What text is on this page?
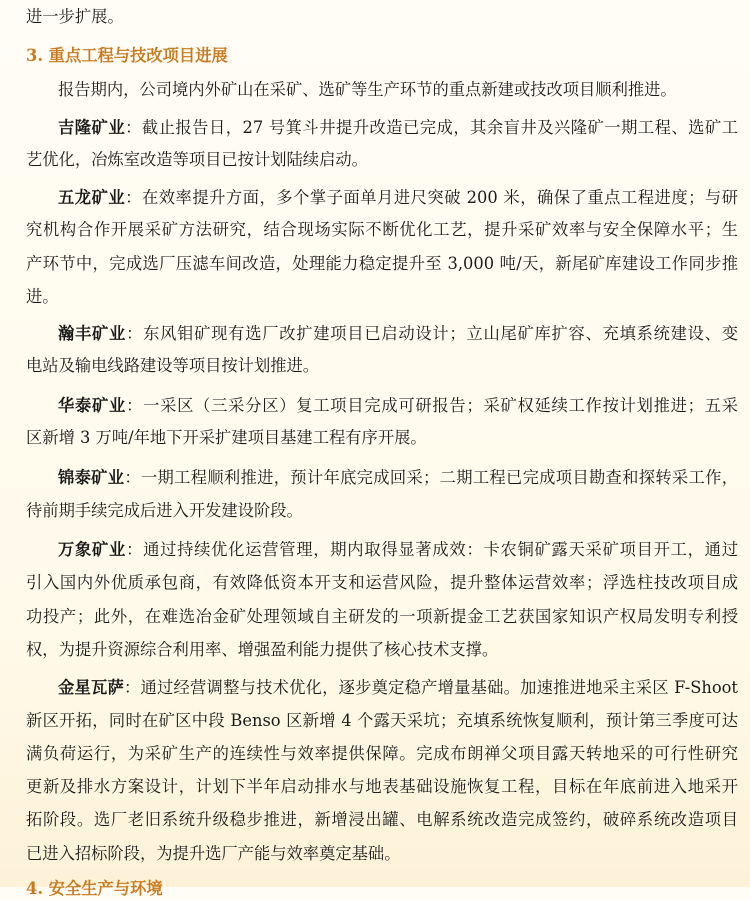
进一步扩展。
3. 重点工程与技改项目进展
报告期内，公司境内外矿山在采矿、选矿等生产环节的重点新建或技改项目顺利推进。
吉隆矿业：截止报告日，27 号箕斗井提升改造已完成，其余盲井及兴隆矿一期工程、选矿工
艺优化，冶炼室改造等项目已按计划陆续启动。
五龙矿业：在效率提升方面，多个掌子面单月进尺突破 200 米，确保了重点工程进度；与研
究机构合作开展采矿方法研究，结合现场实际不断优化工艺，提升采矿效率与安全保障水平；生
产环节中，完成选厂压滤车间改造，处理能力稳定提升至 3,000 吨/天，新尾矿库建设工作同步推
进。
瀚丰矿业：东风钼矿现有选厂改扩建项目已启动设计；立山尾矿库扩容、充填系统建设、变
电站及输电线路建设等项目按计划推进。
华泰矿业：一采区（三采分区）复工项目完成可研报告；采矿权延续工作按计划推进；五采
区新增 3 万吨/年地下开采扩建项目基建工程有序开展。
锦泰矿业：一期工程顺利推进，预计年底完成回采；二期工程已完成项目勘查和探转采工作，
待前期手续完成后进入开发建设阶段。
万象矿业：通过持续优化运营管理，期内取得显著成效：卡农铜矿露天采矿项目开工，通过
引入国内外优质承包商，有效降低资本开支和运营风险，提升整体运营效率；浮选柱技改项目成
功投产；此外，在难选冶金矿处理领域自主研发的一项新提金工艺获国家知识产权局发明专利授
权，为提升资源综合利用率、增强盈利能力提供了核心技术支撑。
金星瓦萨：通过经营调整与技术优化，逐步奠定稳产增量基础。加速推进地采主采区 F-Shoot
新区开拓，同时在矿区中段 Benso 区新增 4 个露天采坑；充填系统恢复顺利，预计第三季度可达
满负荷运行，为采矿生产的连续性与效率提供保障。完成布朗禅父项目露天转地采的可行性研究
更新及排水方案设计，计划下半年启动排水与地表基础设施恢复工程，目标在年底前进入地采开
拓阶段。选厂老旧系统升级稳步推进，新增浸出罐、电解系统改造完成签约，破碎系统改造项目
已进入招标阶段，为提升选厂产能与效率奠定基础。
4. 安全生产与环境
